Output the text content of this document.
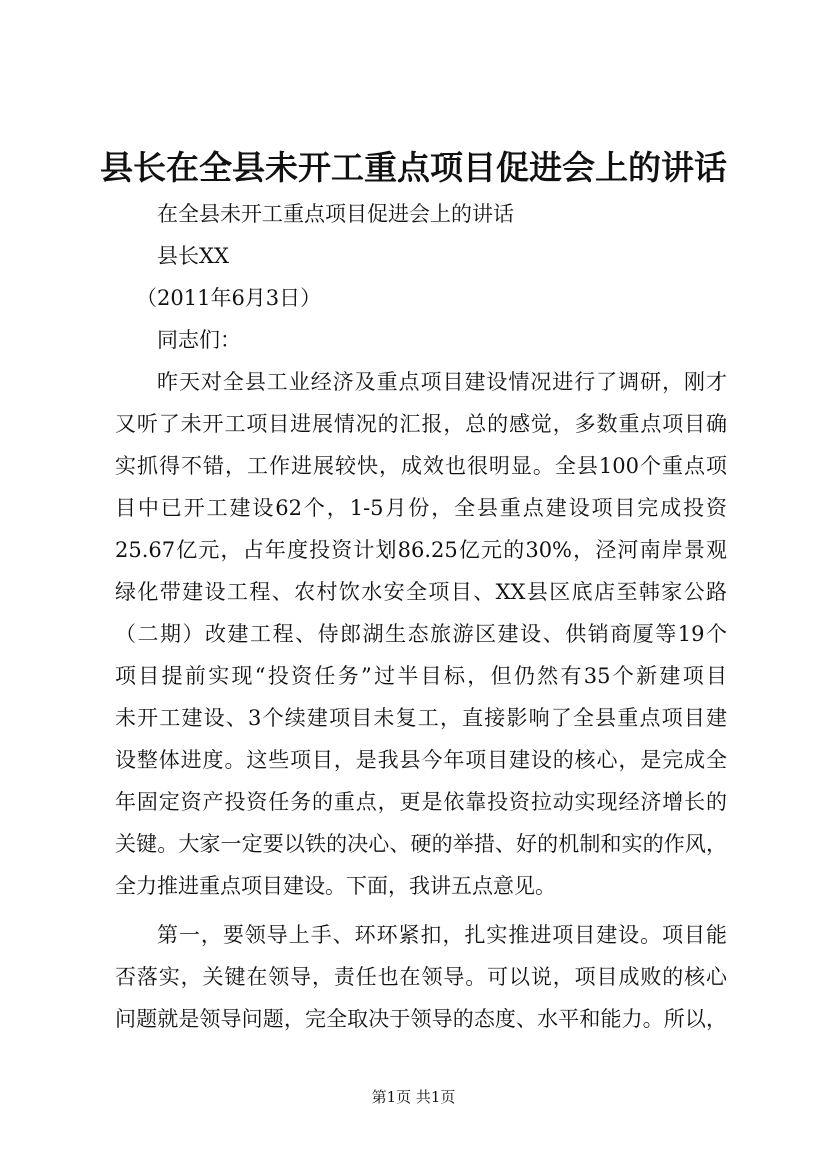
县长在全县未开工重点项目促进会上的讲话
在全县未开工重点项目促进会上的讲话
县长XX
（2011年6月3日）
同志们：
昨天对全县工业经济及重点项目建设情况进行了调研，刚才
又听了未开工项目进展情况的汇报，总的感觉，多数重点项目确
实抓得不错，工作进展较快，成效也很明显。全县100个重点项
目中已开工建设62个，1-5月份，全县重点建设项目完成投资
25.67亿元，占年度投资计划86.25亿元的30%，泾河南岸景观
绿化带建设工程、农村饮水安全项目、XX县区底店至韩家公路
（二期）改建工程、侍郎湖生态旅游区建设、供销商厦等19个
项目提前实现“投资任务”过半目标，但仍然有35个新建项目
未开工建设、3个续建项目未复工，直接影响了全县重点项目建
设整体进度。这些项目，是我县今年项目建设的核心，是完成全
年固定资产投资任务的重点，更是依靠投资拉动实现经济增长的
关键。大家一定要以铁的决心、硬的举措、好的机制和实的作风，
全力推进重点项目建设。下面，我讲五点意见。
第一，要领导上手、环环紧扣，扎实推进项目建设。项目能
否落实，关键在领导，责任也在领导。可以说，项目成败的核心
问题就是领导问题，完全取决于领导的态度、水平和能力。所以，
第1页 共1页
